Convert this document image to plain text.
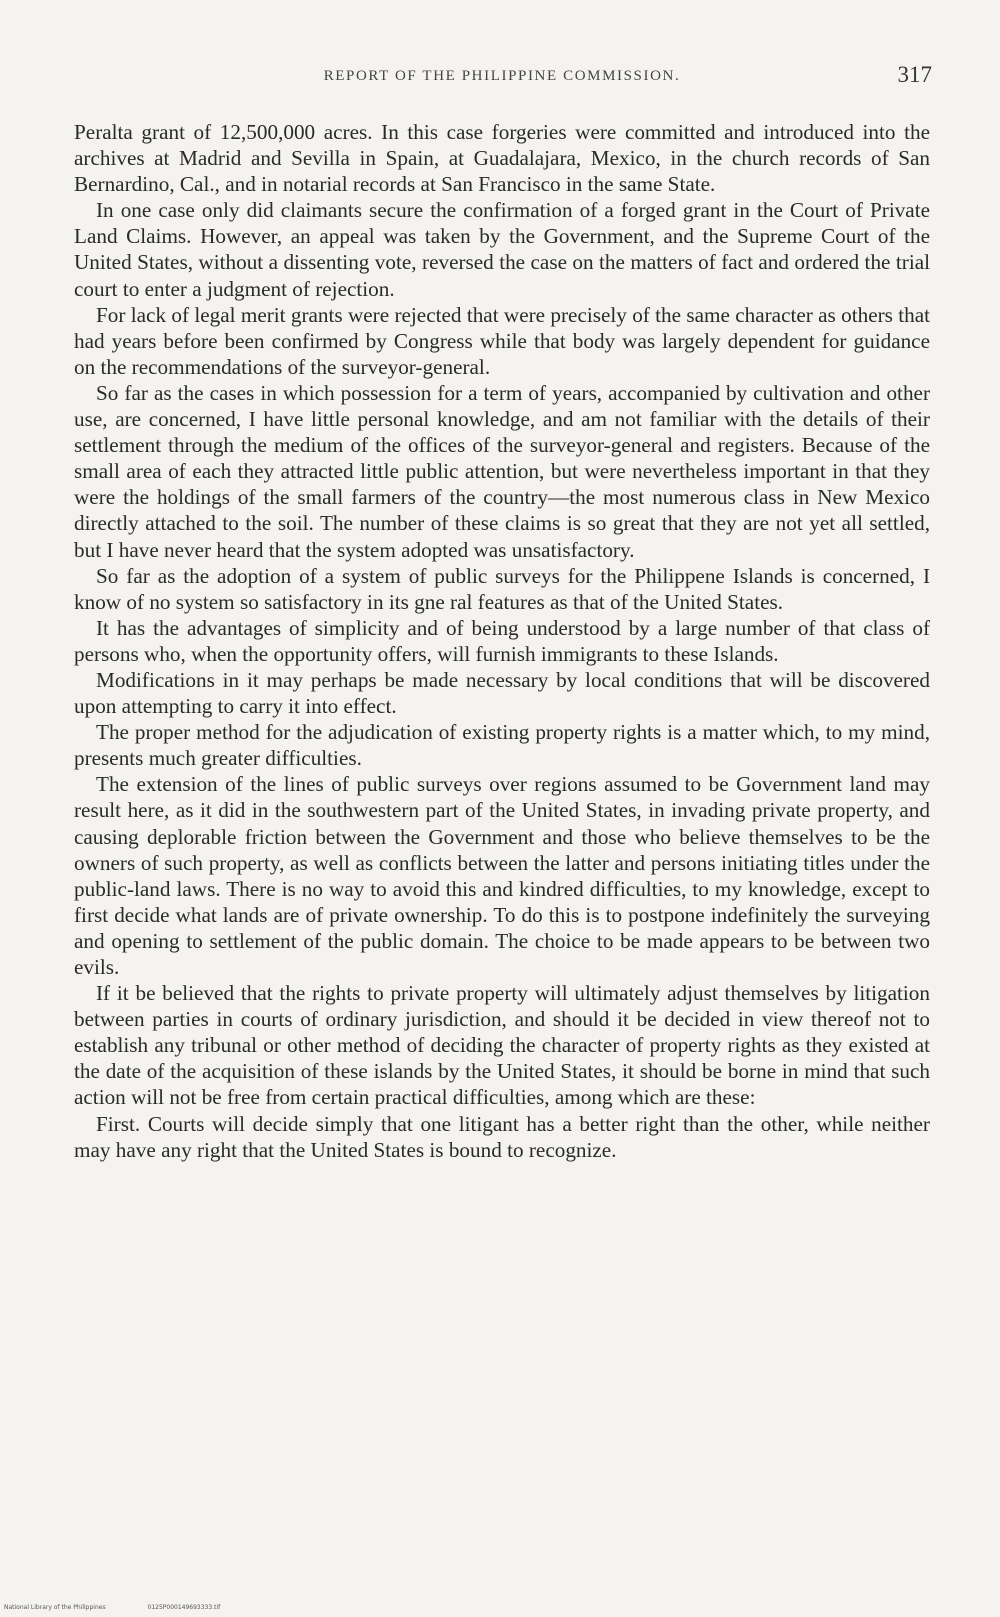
REPORT OF THE PHILIPPINE COMMISSION.	317

Peralta grant of 12,500,000 acres. In this case forgeries were committed and introduced into the archives at Madrid and Sevilla in Spain, at Guadalajara, Mexico, in the church records of San Bernardino, Cal., and in notarial records at San Francisco in the same State.

In one case only did claimants secure the confirmation of a forged grant in the Court of Private Land Claims. However, an appeal was taken by the Government, and the Supreme Court of the United States, without a dissenting vote, reversed the case on the matters of fact and ordered the trial court to enter a judgment of rejection.

For lack of legal merit grants were rejected that were precisely of the same character as others that had years before been confirmed by Congress while that body was largely dependent for guidance on the recommendations of the surveyor-general.

So far as the cases in which possession for a term of years, accompanied by cultivation and other use, are concerned, I have little personal knowledge, and am not familiar with the details of their settlement through the medium of the offices of the surveyor-general and registers. Because of the small area of each they attracted little public attention, but were nevertheless important in that they were the holdings of the small farmers of the country—the most numerous class in New Mexico directly attached to the soil. The number of these claims is so great that they are not yet all settled, but I have never heard that the system adopted was unsatisfactory.

So far as the adoption of a system of public surveys for the Philippene Islands is concerned, I know of no system so satisfactory in its gne ral features as that of the United States.

It has the advantages of simplicity and of being understood by a large number of that class of persons who, when the opportunity offers, will furnish immigrants to these Islands.

Modifications in it may perhaps be made necessary by local conditions that will be discovered upon attempting to carry it into effect.

The proper method for the adjudication of existing property rights is a matter which, to my mind, presents much greater difficulties.

The extension of the lines of public surveys over regions assumed to be Government land may result here, as it did in the southwestern part of the United States, in invading private property, and causing deplorable friction between the Government and those who believe themselves to be the owners of such property, as well as conflicts between the latter and persons initiating titles under the public-land laws. There is no way to avoid this and kindred difficulties, to my knowledge, except to first decide what lands are of private ownership. To do this is to postpone indefinitely the surveying and opening to settlement of the public domain. The choice to be made appears to be between two evils.

If it be believed that the rights to private property will ultimately adjust themselves by litigation between parties in courts of ordinary jurisdiction, and should it be decided in view thereof not to establish any tribunal or other method of deciding the character of property rights as they existed at the date of the acquisition of these islands by the United States, it should be borne in mind that such action will not be free from certain practical difficulties, among which are these:

First. Courts will decide simply that one litigant has a better right than the other, while neither may have any right that the United States is bound to recognize.

National Library of the Philippines	0125P000149693333.tif
